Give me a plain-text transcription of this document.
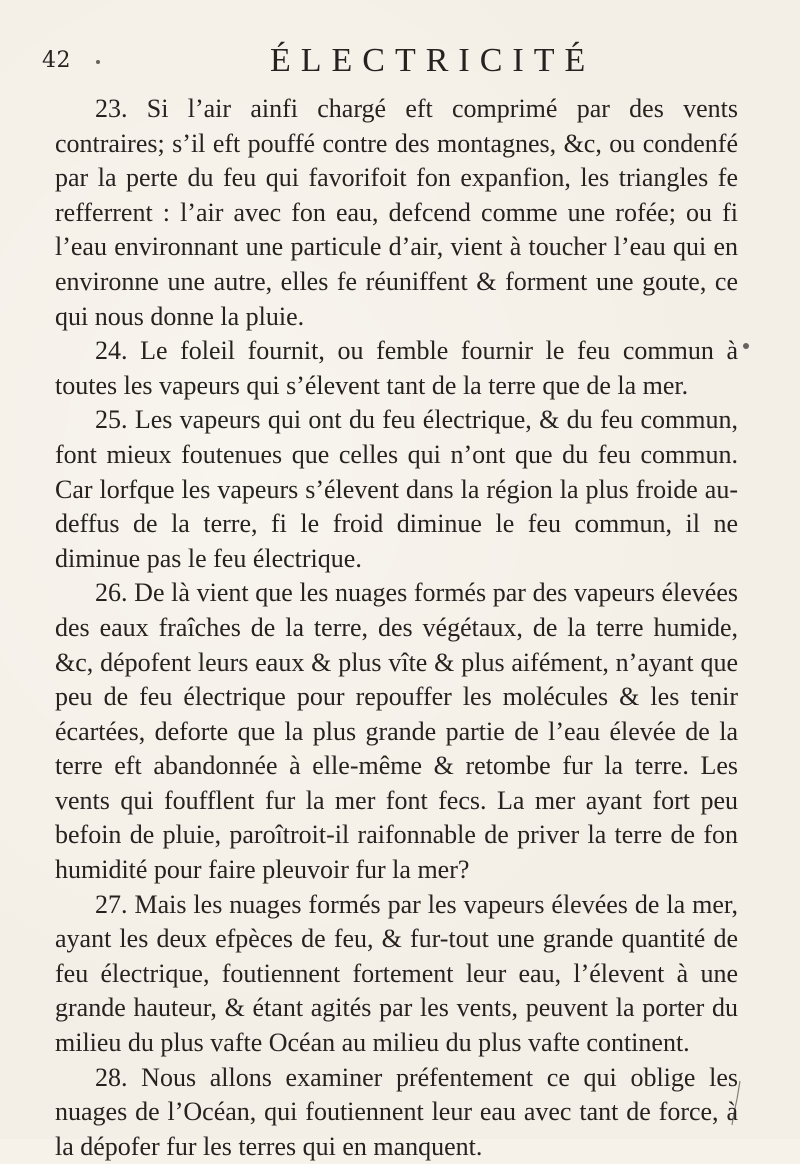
42	ÉLECTRICITÉ

23. Si l’air ainfi chargé eft comprimé par des vents contraires; s’il eft pouffé contre des montagnes, &c, ou condenfé par la perte du feu qui favorifoit fon expanfion, les triangles fe refferrent : l’air avec fon eau, defcend comme une rofée; ou fi l’eau environnant une particule d’air, vient à toucher l’eau qui en environne une autre, elles fe réuniffent & forment une goute, ce qui nous donne la pluie.

24. Le foleil fournit, ou femble fournir le feu commun à toutes les vapeurs qui s’élevent tant de la terre que de la mer.

25. Les vapeurs qui ont du feu électrique, & du feu commun, font mieux foutenues que celles qui n’ont que du feu commun. Car lorfque les vapeurs s’élevent dans la région la plus froide au-deffus de la terre, fi le froid diminue le feu commun, il ne diminue pas le feu électrique.

26. De là vient que les nuages formés par des vapeurs élevées des eaux fraîches de la terre, des végétaux, de la terre humide, &c, dépofent leurs eaux & plus vîte & plus aifément, n’ayant que peu de feu électrique pour repouffer les molécules & les tenir écartées, deforte que la plus grande partie de l’eau élevée de la terre eft abandonnée à elle-même & retombe fur la terre. Les vents qui foufflent fur la mer font fecs. La mer ayant fort peu befoin de pluie, paroîtroit-il raifonnable de priver la terre de fon humidité pour faire pleuvoir fur la mer?

27. Mais les nuages formés par les vapeurs élevées de la mer, ayant les deux efpèces de feu, & fur-tout une grande quantité de feu électrique, foutiennent fortement leur eau, l’élevent à une grande hauteur, & étant agités par les vents, peuvent la porter du milieu du plus vafte Océan au milieu du plus vafte continent.

28. Nous allons examiner préfentement ce qui oblige les nuages de l’Océan, qui foutiennent leur eau avec tant de force, à la dépofer fur les terres qui en manquent.
